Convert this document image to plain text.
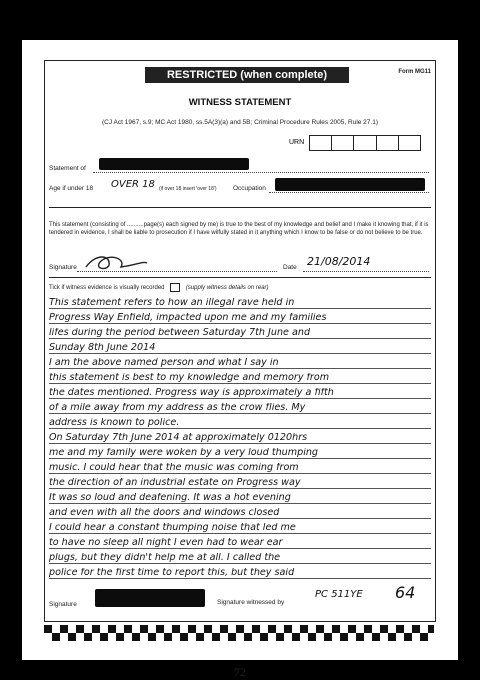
RESTRICTED (when complete)	Form MG11
WITNESS STATEMENT
(CJ Act 1967, s.9; MC Act 1980, ss.5A(3)(a) and 5B; Criminal Procedure Rules 2005, Rule 27.1)
URN
Statement of
Age if under 18 OVER 18 (if over 18 insert 'over 18')	Occupation
This statement (consisting of ..........page(s) each signed by me) is true to the best of my knowledge and belief and I make it knowing that, if it is tendered in evidence, I shall be liable to prosecution if I have wilfully stated in it anything which I know to be false or do not believe to be true.
Signature	Date 21/08/2014
Tick if witness evidence is visually recorded	(supply witness details on rear)
This statement refers to how an illegal rave held in
Progress Way Enfield, impacted upon me and my families
lifes during the period between Saturday 7th June and
Sunday 8th June 2014
I am the above named person and what I say in
this statement is best to my knowledge and memory from
the dates mentioned. Progress way is approximately a fifth
of a mile away from my address as the crow flies. My
address is known to police.
On Saturday 7th June 2014 at approximately 0120hrs
me and my family were woken by a very loud thumping
music. I could hear that the music was coming from
the direction of an industrial estate on Progress way
It was so loud and deafening. It was a hot evening
and even with all the doors and windows closed
I could hear a constant thumping noise that led me
to have no sleep all night I even had to wear ear
plugs, but they didn't help me at all. I called the
police for the first time to report this, but they said
Signature	Signature witnessed by
PC 511YE 64
72
